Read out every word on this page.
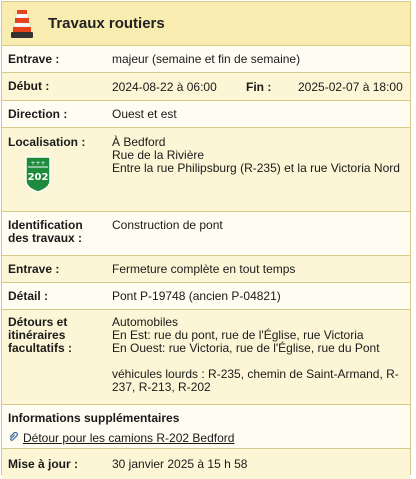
Travaux routiers
Entrave :	majeur (semaine et fin de semaine)
Début :	2024-08-22 à 06:00	Fin :	2025-02-07 à 18:00
Direction :	Ouest et est
Localisation :
+++
202
À Bedford
Rue de la Rivière
Entre la rue Philipsburg (R-235) et la rue Victoria Nord
Identification
des travaux :
Construction de pont
Entrave :	Fermeture complète en tout temps
Détail :	Pont P-19748 (ancien P-04821)
Détours et
itinéraires
facultatifs :
Automobiles
En Est: rue du pont, rue de l'Église, rue Victoria
En Ouest: rue Victoria, rue de l'Église, rue du Pont
véhicules lourds : R-235, chemin de Saint-Armand, R-
237, R-213, R-202
Informations supplémentaires
Détour pour les camions R-202 Bedford
Mise à jour :	30 janvier 2025 à 15 h 58
